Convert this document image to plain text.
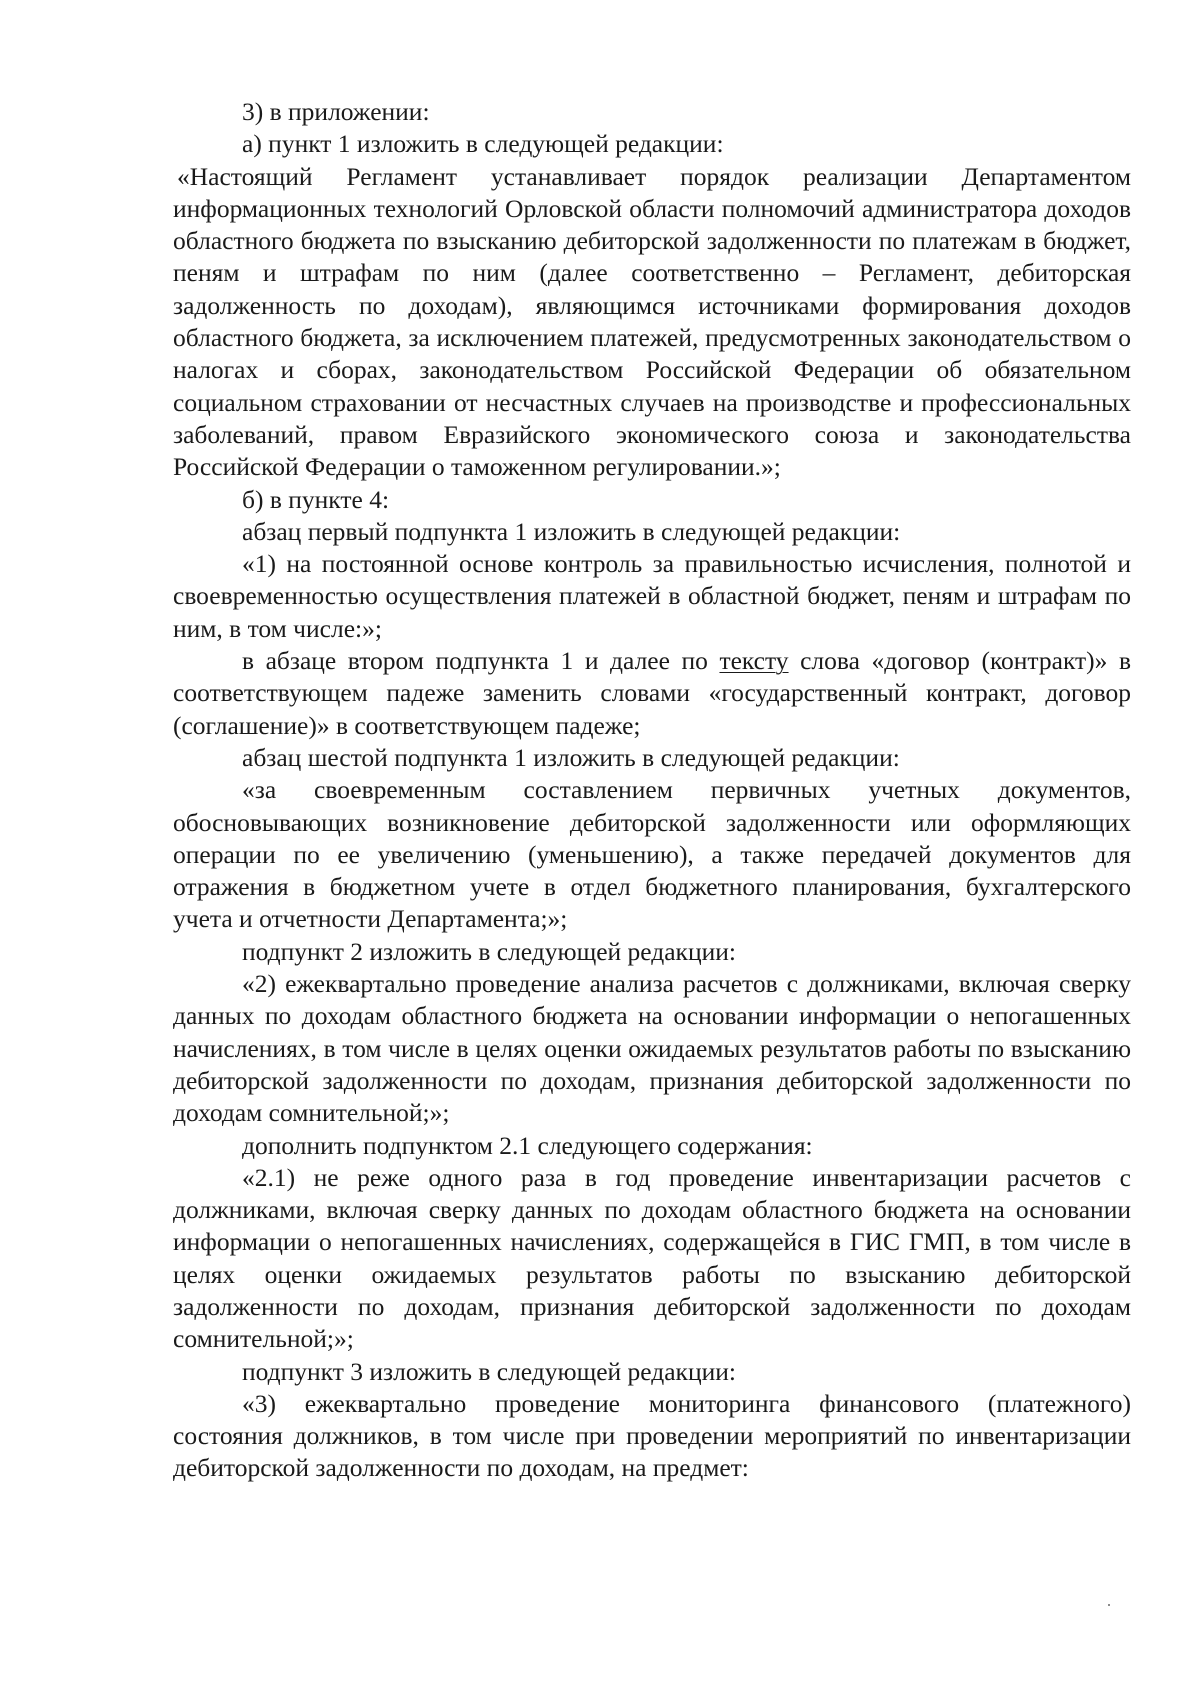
3) в приложении:

а) пункт 1 изложить в следующей редакции:

«Настоящий Регламент устанавливает порядок реализации Департаментом информационных технологий Орловской области полномочий администратора доходов областного бюджета по взысканию дебиторской задолженности по платежам в бюджет, пеням и штрафам по ним (далее соответственно – Регламент, дебиторская задолженность по доходам), являющимся источниками формирования доходов областного бюджета, за исключением платежей, предусмотренных законодательством о налогах и сборах, законодательством Российской Федерации об обязательном социальном страховании от несчастных случаев на производстве и профессиональных заболеваний, правом Евразийского экономического союза и законодательства Российской Федерации о таможенном регулировании.»;

б) в пункте 4:

абзац первый подпункта 1 изложить в следующей редакции:

«1) на постоянной основе контроль за правильностью исчисления, полнотой и своевременностью осуществления платежей в областной бюджет, пеням и штрафам по ним, в том числе:»;

в абзаце втором подпункта 1 и далее по тексту слова «договор (контракт)» в соответствующем падеже заменить словами «государственный контракт, договор (соглашение)» в соответствующем падеже;

абзац шестой подпункта 1 изложить в следующей редакции:

«за своевременным составлением первичных учетных документов, обосновывающих возникновение дебиторской задолженности или оформляющих операции по ее увеличению (уменьшению), а также передачей документов для отражения в бюджетном учете в отдел бюджетного планирования, бухгалтерского учета и отчетности Департамента;»;

подпункт 2 изложить в следующей редакции:

«2) ежеквартально проведение анализа расчетов с должниками, включая сверку данных по доходам областного бюджета на основании информации о непогашенных начислениях, в том числе в целях оценки ожидаемых результатов работы по взысканию дебиторской задолженности по доходам, признания дебиторской задолженности по доходам сомнительной;»;

дополнить подпунктом 2.1 следующего содержания:

«2.1) не реже одного раза в год проведение инвентаризации расчетов с должниками, включая сверку данных по доходам областного бюджета на основании информации о непогашенных начислениях, содержащейся в ГИС ГМП, в том числе в целях оценки ожидаемых результатов работы по взысканию дебиторской задолженности по доходам, признания дебиторской задолженности по доходам сомнительной;»;

подпункт 3 изложить в следующей редакции:

«3) ежеквартально проведение мониторинга финансового (платежного) состояния должников, в том числе при проведении мероприятий по инвентаризации дебиторской задолженности по доходам, на предмет:
